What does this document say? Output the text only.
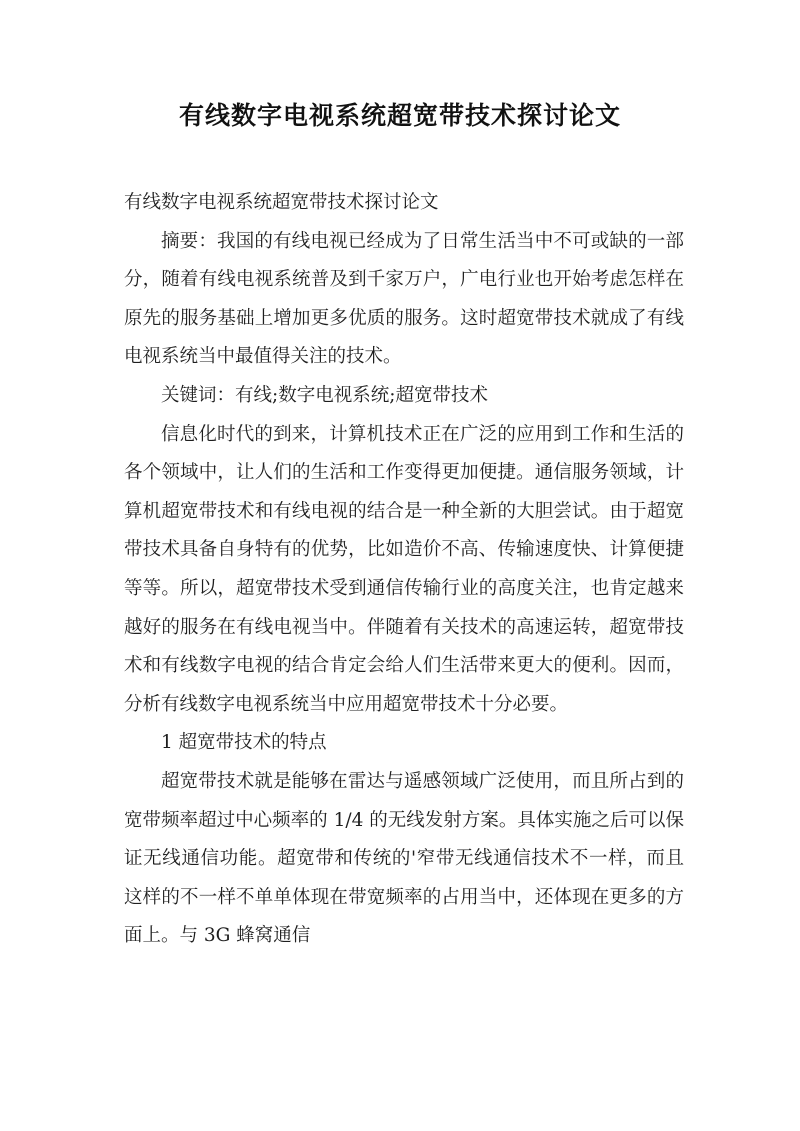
有线数字电视系统超宽带技术探讨论文

有线数字电视系统超宽带技术探讨论文

摘要：我国的有线电视已经成为了日常生活当中不可或缺的一部分，随着有线电视系统普及到千家万户，广电行业也开始考虑怎样在原先的服务基础上增加更多优质的服务。这时超宽带技术就成了有线电视系统当中最值得关注的技术。

关键词：有线;数字电视系统;超宽带技术

信息化时代的到来，计算机技术正在广泛的应用到工作和生活的各个领域中，让人们的生活和工作变得更加便捷。通信服务领域，计算机超宽带技术和有线电视的结合是一种全新的大胆尝试。由于超宽带技术具备自身特有的优势，比如造价不高、传输速度快、计算便捷等等。所以，超宽带技术受到通信传输行业的高度关注，也肯定越来越好的服务在有线电视当中。伴随着有关技术的高速运转，超宽带技术和有线数字电视的结合肯定会给人们生活带来更大的便利。因而，分析有线数字电视系统当中应用超宽带技术十分必要。

1 超宽带技术的特点

超宽带技术就是能够在雷达与遥感领域广泛使用，而且所占到的宽带频率超过中心频率的 1/4 的无线发射方案。具体实施之后可以保证无线通信功能。超宽带和传统的'窄带无线通信技术不一样，而且这样的不一样不单单体现在带宽频率的占用当中，还体现在更多的方面上。与 3G 蜂窝通信
